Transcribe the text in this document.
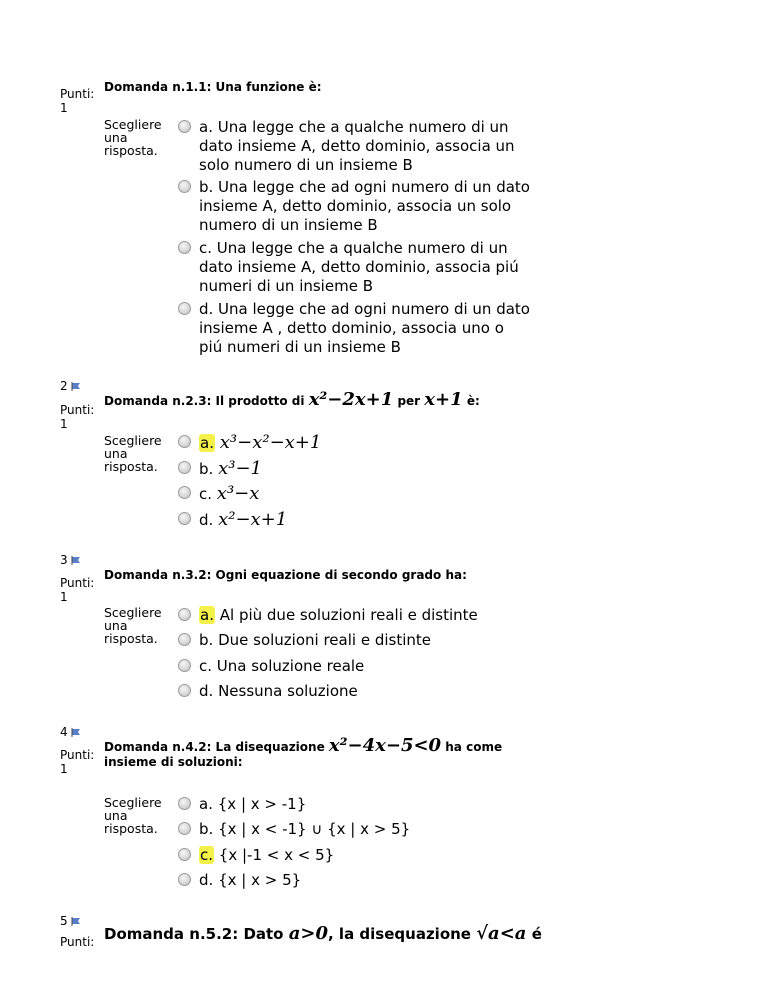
Punti:
1
Domanda n.1.1: Una funzione è:
Scegliere una risposta.
a. Una legge che a qualche numero di un
dato insieme A, detto dominio, associa un
solo numero di un insieme B
b. Una legge che ad ogni numero di un dato
insieme A, detto dominio, associa un solo
numero di un insieme B
c. Una legge che a qualche numero di un
dato insieme A, detto dominio, associa piú
numeri di un insieme B
d. Una legge che ad ogni numero di un dato
insieme A , detto dominio, associa uno o
piú numeri di un insieme B
2
Punti:
1
Domanda n.2.3: Il prodotto di x²−2x+1 per x+1 è:
Scegliere una risposta.
a. x³−x²−x+1
b. x³−1
c. x³−x
d. x²−x+1
3
Punti:
1
Domanda n.3.2: Ogni equazione di secondo grado ha:
Scegliere una risposta.
a. Al più due soluzioni reali e distinte
b. Due soluzioni reali e distinte
c. Una soluzione reale
d. Nessuna soluzione
4
Punti:
1
Domanda n.4.2: La disequazione x²−4x−5<0 ha come
insieme di soluzioni:
Scegliere una risposta.
a. {x | x > -1}
b. {x | x < -1} ∪ {x | x > 5}
c. {x |-1 < x < 5}
d. {x | x > 5}
5
Punti: Domanda n.5.2: Dato a>0, la disequazione √a<a é
